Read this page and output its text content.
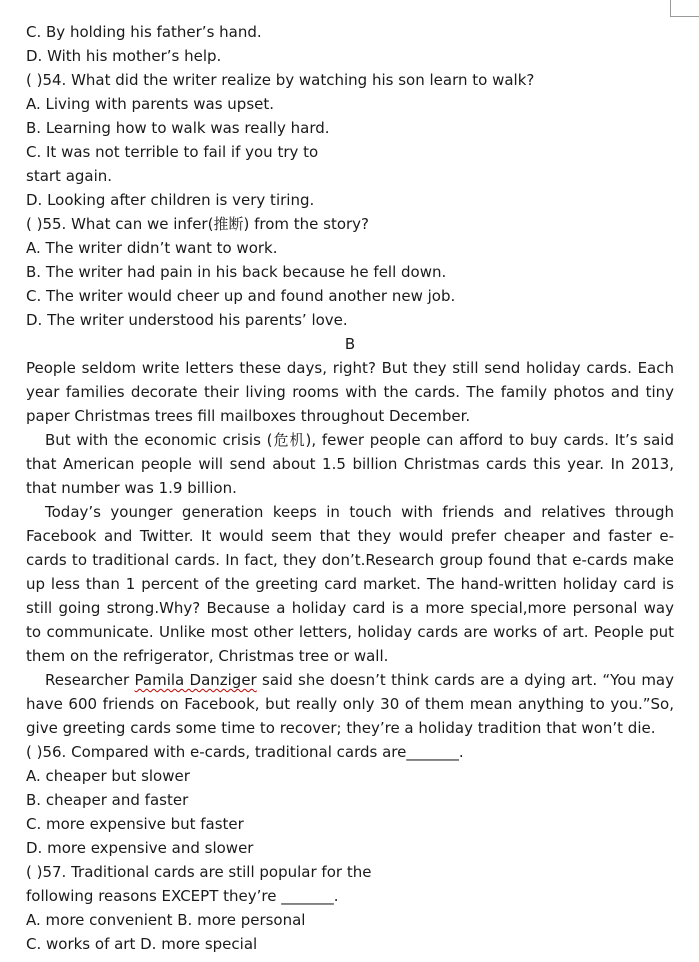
C. By holding his father’s hand.
D. With his mother’s help.
( )54. What did the writer realize by watching his son learn to walk?
A. Living with parents was upset.
B. Learning how to walk was really hard.
C. It was not terrible to fail if you try to
start again.
D. Looking after children is very tiring.
( )55. What can we infer(推断) from the story?
A. The writer didn’t want to work.
B. The writer had pain in his back because he fell down.
C. The writer would cheer up and found another new job.
D. The writer understood his parents’ love.
B
People seldom write letters these days, right? But they still send holiday cards. Each year families decorate their living rooms with the cards. The family photos and tiny paper Christmas trees fill mailboxes throughout December.
But with the economic crisis (危机), fewer people can afford to buy cards. It’s said that American people will send about 1.5 billion Christmas cards this year. In 2013, that number was 1.9 billion.
Today’s younger generation keeps in touch with friends and relatives through Facebook and Twitter. It would seem that they would prefer cheaper and faster e-cards to traditional cards. In fact, they don’t.Research group found that e-cards make up less than 1 percent of the greeting card market. The hand-written holiday card is still going strong.Why? Because a holiday card is a more special,more personal way to communicate. Unlike most other letters, holiday cards are works of art. People put them on the refrigerator, Christmas tree or wall.
Researcher Pamila Danziger said she doesn’t think cards are a dying art. “You may have 600 friends on Facebook, but really only 30 of them mean anything to you.”So, give greeting cards some time to recover; they’re a holiday tradition that won’t die.
( )56. Compared with e-cards, traditional cards are_______.
A. cheaper but slower
B. cheaper and faster
C. more expensive but faster
D. more expensive and slower
( )57. Traditional cards are still popular for the
following reasons EXCEPT they’re _______.
A. more convenient B. more personal
C. works of art D. more special
